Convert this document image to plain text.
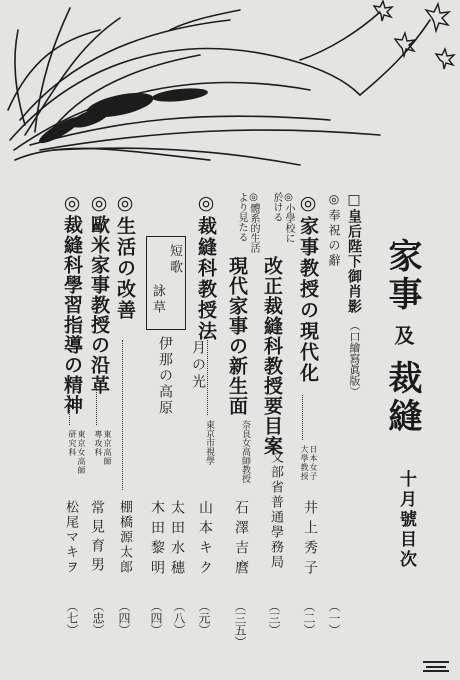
家事
及
裁縫
十月號目次
□皇后陛下御肖影
（口繪寫眞版）
◎奉祝の辭
（一）
◎家事教授の現代化
日本女子
大學教授
井上秀子
（二）
◎小學校に
於ける
改正裁縫科教授要目案
文部省普通學務局
（三）
◎體系的生活
より見たる
現代家事の新生面
奈良女高師教授
石澤吉麿
（三五）
◎裁縫科教授法
東京市視學
山本キク
（元）
短歌
詠草
月の光
太田水穗
（八）
伊那の高原
木田黎明
（四）
◎生活の改善
棚橋源太郎
（四）
◎歐米家事教授の沿革
東京高師
專攻科
常見育男
（忠）
◎裁縫科學習指導の精神
東京女高師
研究科
松尾マキヲ
（七）
